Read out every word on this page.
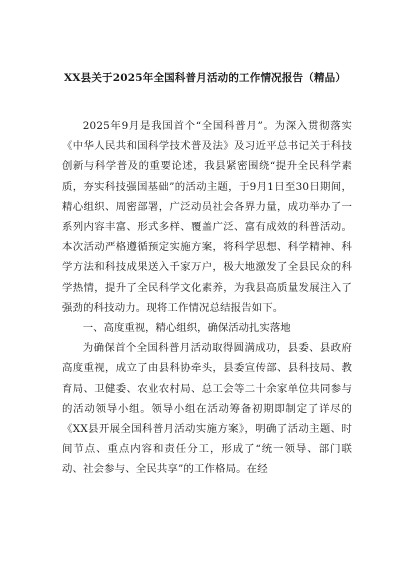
XX县关于2025年全国科普月活动的工作情况报告（精品）

2025年9月是我国首个“全国科普月”。为深入贯彻落实《中华人民共和国科学技术普及法》及习近平总书记关于科技创新与科学普及的重要论述，我县紧密围绕“提升全民科学素质，夯实科技强国基础”的活动主题，于9月1日至30日期间，精心组织、周密部署，广泛动员社会各界力量，成功举办了一系列内容丰富、形式多样、覆盖广泛、富有成效的科普活动。本次活动严格遵循预定实施方案，将科学思想、科学精神、科学方法和科技成果送入千家万户，极大地激发了全县民众的科学热情，提升了全民科学文化素养，为我县高质量发展注入了强劲的科技动力。现将工作情况总结报告如下。

一、高度重视，精心组织，确保活动扎实落地

为确保首个全国科普月活动取得圆满成功，县委、县政府高度重视，成立了由县科协牵头，县委宣传部、县科技局、教育局、卫健委、农业农村局、总工会等二十余家单位共同参与的活动领导小组。领导小组在活动筹备初期即制定了详尽的《XX县开展全国科普月活动实施方案》，明确了活动主题、时间节点、重点内容和责任分工，形成了“统一领导、部门联动、社会参与、全民共享”的工作格局。在经
